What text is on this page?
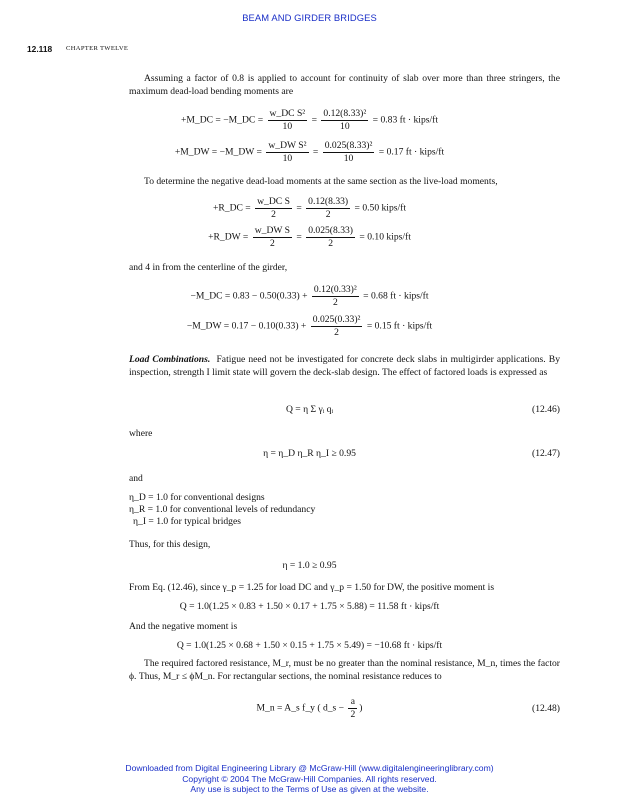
BEAM AND GIRDER BRIDGES
12.118 CHAPTER TWELVE
Assuming a factor of 0.8 is applied to account for continuity of slab over more than three stringers, the maximum dead-load bending moments are
+M_DC = −M_DC = $\frac{\text{w\_DC S²}}{10} = \frac{\text{0.12(8.33)²}}{10} = 0.83$ ft · kips/ft
+M_DW = −M_DW = $\frac{\text{w\_DW S²}}{10} = \frac{\text{0.025(8.33)²}}{10} = 0.17$ ft · kips/ft
To determine the negative dead-load moments at the same section as the live-load moments,
+R_DC = $\frac{\text{w\_DC S}}{2} = \frac{0.12(8.33)}{2} = 0.50$ kips/ft
+R_DW = $\frac{\text{w\_DW S}}{2} = \frac{0.025(8.33)}{2} = 0.10$ kips/ft
and 4 in from the centerline of the girder,
−M_DC = $0.83 - 0.50(0.33) + \frac{\text{0.12(0.33)²}}{2} = 0.68$ ft · kips/ft
−M_DW = $0.17 - 0.10(0.33) + \frac{\text{0.025(0.33)²}}{2} = 0.15$ ft · kips/ft
Load Combinations. Fatigue need not be investigated for concrete deck slabs in multigirder applications. By inspection, strength I limit state will govern the deck-slab design. The effect of factored loads is expressed as
Q = η Σ γᵢ qᵢ	(12.46)
where
η = η_D η_R η_I ≥ 0.95	(12.47)
and
η_D = 1.0 for conventional designs
η_R = 1.0 for conventional levels of redundancy
η_I = 1.0 for typical bridges
Thus, for this design,
η = 1.0 ≥ 0.95
From Eq. (12.46), since γ_p = 1.25 for load DC and γ_p = 1.50 for DW, the positive moment is
Q = 1.0(1.25 × 0.83 + 1.50 × 0.17 + 1.75 × 5.88) = 11.58 ft · kips/ft
And the negative moment is
Q = 1.0(1.25 × 0.68 + 1.50 × 0.15 + 1.75 × 5.49) = −10.68 ft · kips/ft
The required factored resistance, M_r, must be no greater than the nominal resistance, M_n, times the factor ϕ. Thus, M_r ≤ ϕM_n. For rectangular sections, the nominal resistance reduces to
M_n = A_s f_y ( d_s − $\frac{a}{2}$ )	(12.48)
Downloaded from Digital Engineering Library @ McGraw-Hill (www.digitalengineeringlibrary.com)
Copyright © 2004 The McGraw-Hill Companies. All rights reserved.
Any use is subject to the Terms of Use as given at the website.
